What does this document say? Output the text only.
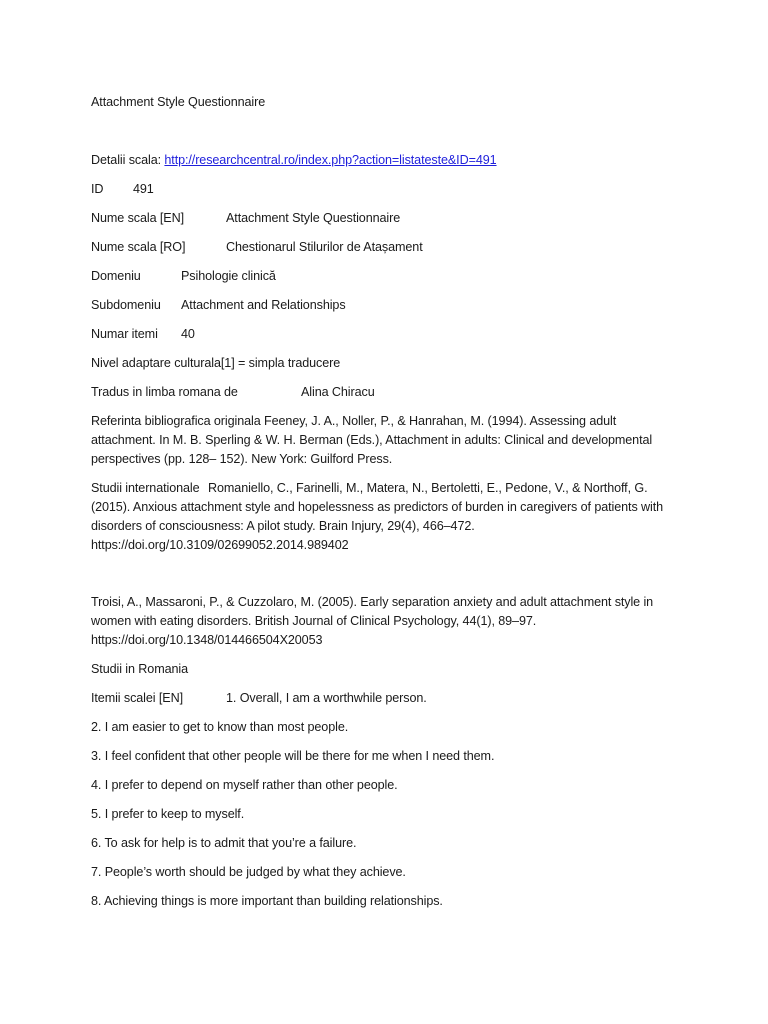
Attachment Style Questionnaire
Detalii scala: http://researchcentral.ro/index.php?action=listateste&ID=491
ID 491
Nume scala [EN]	Attachment Style Questionnaire
Nume scala [RO]	Chestionarul Stilurilor de Atașament
Domeniu	Psihologie clinică
Subdomeniu Attachment and Relationships
Numar itemi 40
Nivel adaptare culturala[1] = simpla traducere
Tradus in limba romana de	Alina Chiracu
Referinta bibliografica originala Feeney, J. A., Noller, P., & Hanrahan, M. (1994). Assessing adult attachment. In M. B. Sperling & W. H. Berman (Eds.), Attachment in adults: Clinical and developmental perspectives (pp. 128– 152). New York: Guilford Press.
Studii internationale Romaniello, C., Farinelli, M., Matera, N., Bertoletti, E., Pedone, V., & Northoff, G. (2015). Anxious attachment style and hopelessness as predictors of burden in caregivers of patients with disorders of consciousness: A pilot study. Brain Injury, 29(4), 466–472. https://doi.org/10.3109/02699052.2014.989402
Troisi, A., Massaroni, P., & Cuzzolaro, M. (2005). Early separation anxiety and adult attachment style in women with eating disorders. British Journal of Clinical Psychology, 44(1), 89–97. https://doi.org/10.1348/014466504X20053
Studii in Romania
Itemii scalei [EN]	1. Overall, I am a worthwhile person.
2. I am easier to get to know than most people.
3. I feel confident that other people will be there for me when I need them.
4. I prefer to depend on myself rather than other people.
5. I prefer to keep to myself.
6. To ask for help is to admit that you’re a failure.
7. People’s worth should be judged by what they achieve.
8. Achieving things is more important than building relationships.
